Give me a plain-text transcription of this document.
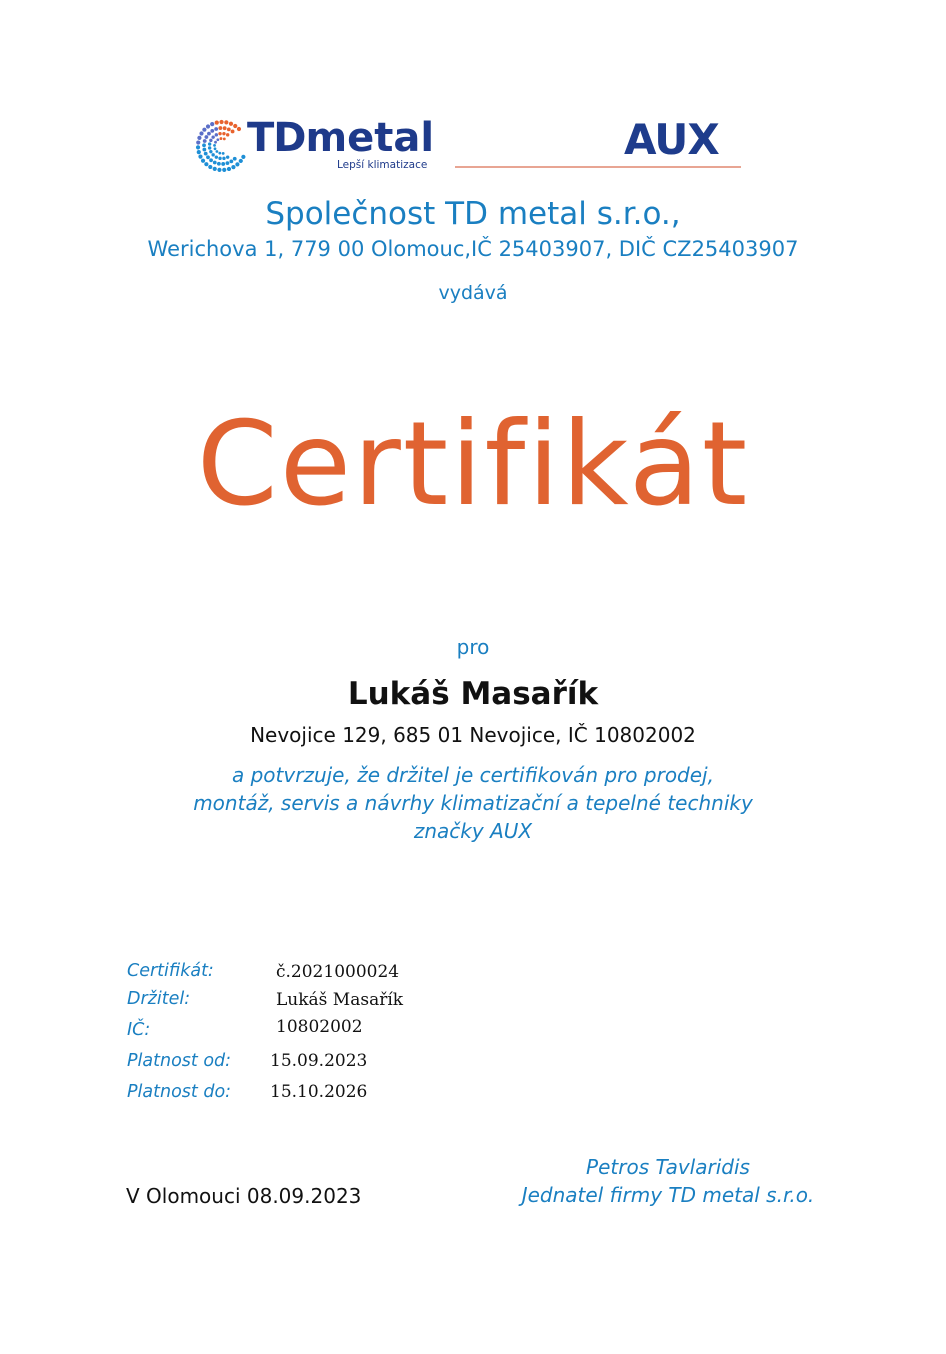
TDmetal
Lepší klimatizace
AUX
Společnost TD metal s.r.o.,
Werichova 1, 779 00 Olomouc,IČ 25403907, DIČ CZ25403907
vydává
Certifikát
pro
Lukáš Masařík
Nevojice 129, 685 01 Nevojice, IČ 10802002
a potvrzuje, že držitel je certifikován pro prodej,
montáž, servis a návrhy klimatizační a tepelné techniky
značky AUX
Certifikát:	č.2021000024
Držitel:	Lukáš Masařík
IČ:	10802002
Platnost od: 15.09.2023
Platnost do: 15.10.2026
V Olomouci 08.09.2023
Petros Tavlaridis
Jednatel firmy TD metal s.r.o.
